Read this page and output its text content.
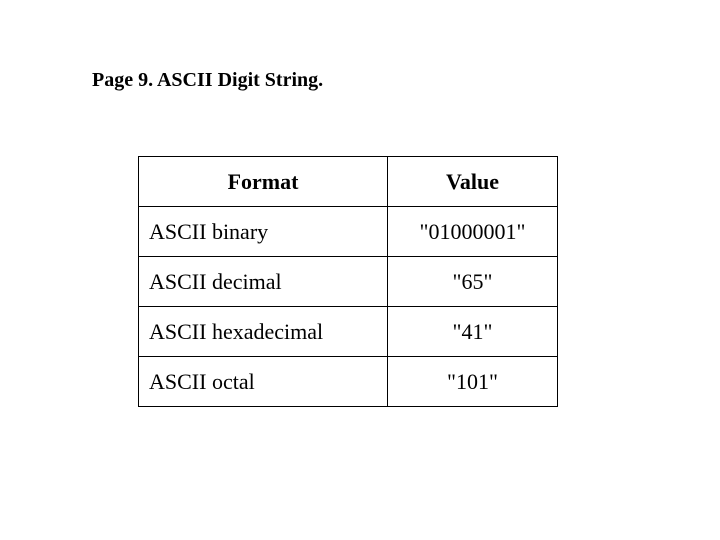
Page 9. ASCII Digit String.
Format	Value
ASCII binary	"01000001"
ASCII decimal	"65"
ASCII hexadecimal	"41"
ASCII octal	"101"
